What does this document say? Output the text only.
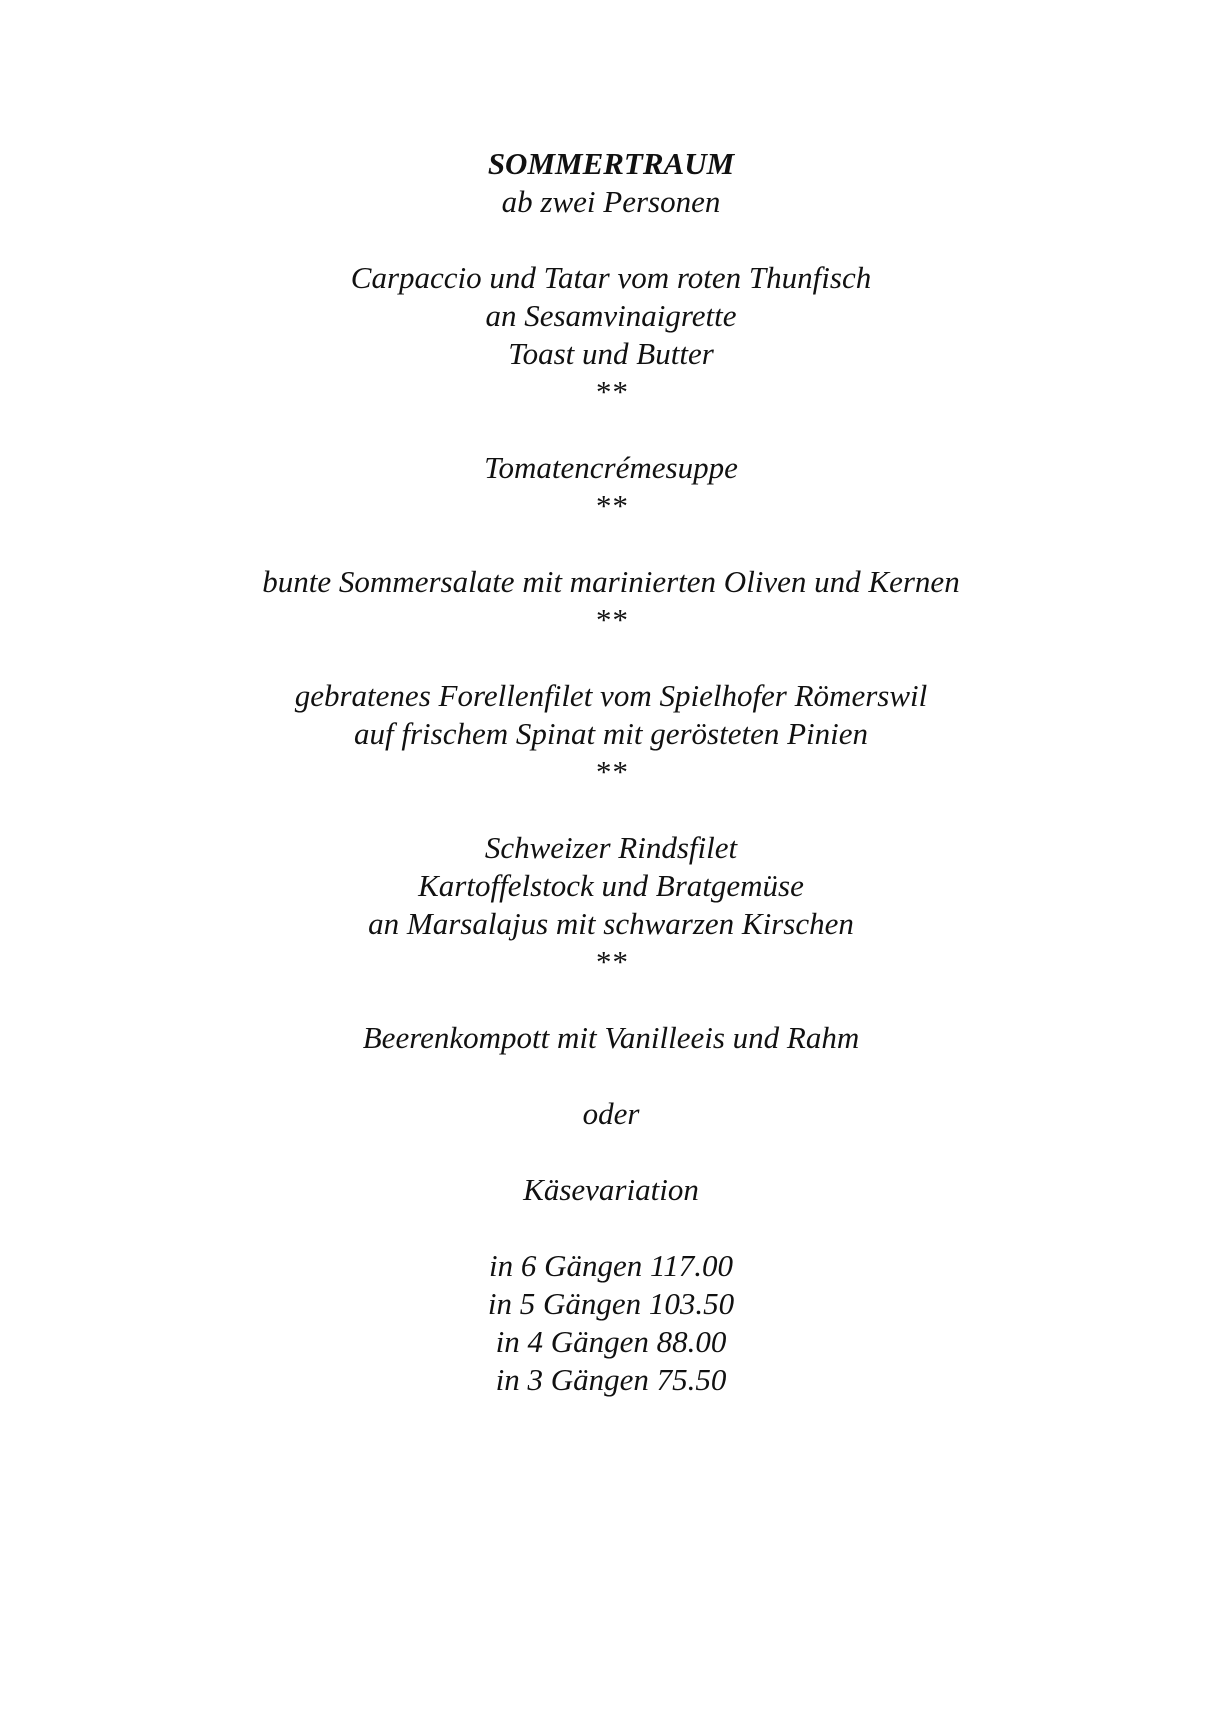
SOMMERTRAUM
ab zwei Personen
Carpaccio und Tatar vom roten Thunfisch
an Sesamvinaigrette
Toast und Butter
**
Tomatencrémesuppe
**
bunte Sommersalate mit marinierten Oliven und Kernen
**
gebratenes Forellenfilet vom Spielhofer Römerswil
auf frischem Spinat mit gerösteten Pinien
**
Schweizer Rindsfilet
Kartoffelstock und Bratgemüse
an Marsalajus mit schwarzen Kirschen
**
Beerenkompott mit Vanilleeis und Rahm
oder
Käsevariation
in 6 Gängen 117.00
in 5 Gängen 103.50
in 4 Gängen 88.00
in 3 Gängen 75.50
